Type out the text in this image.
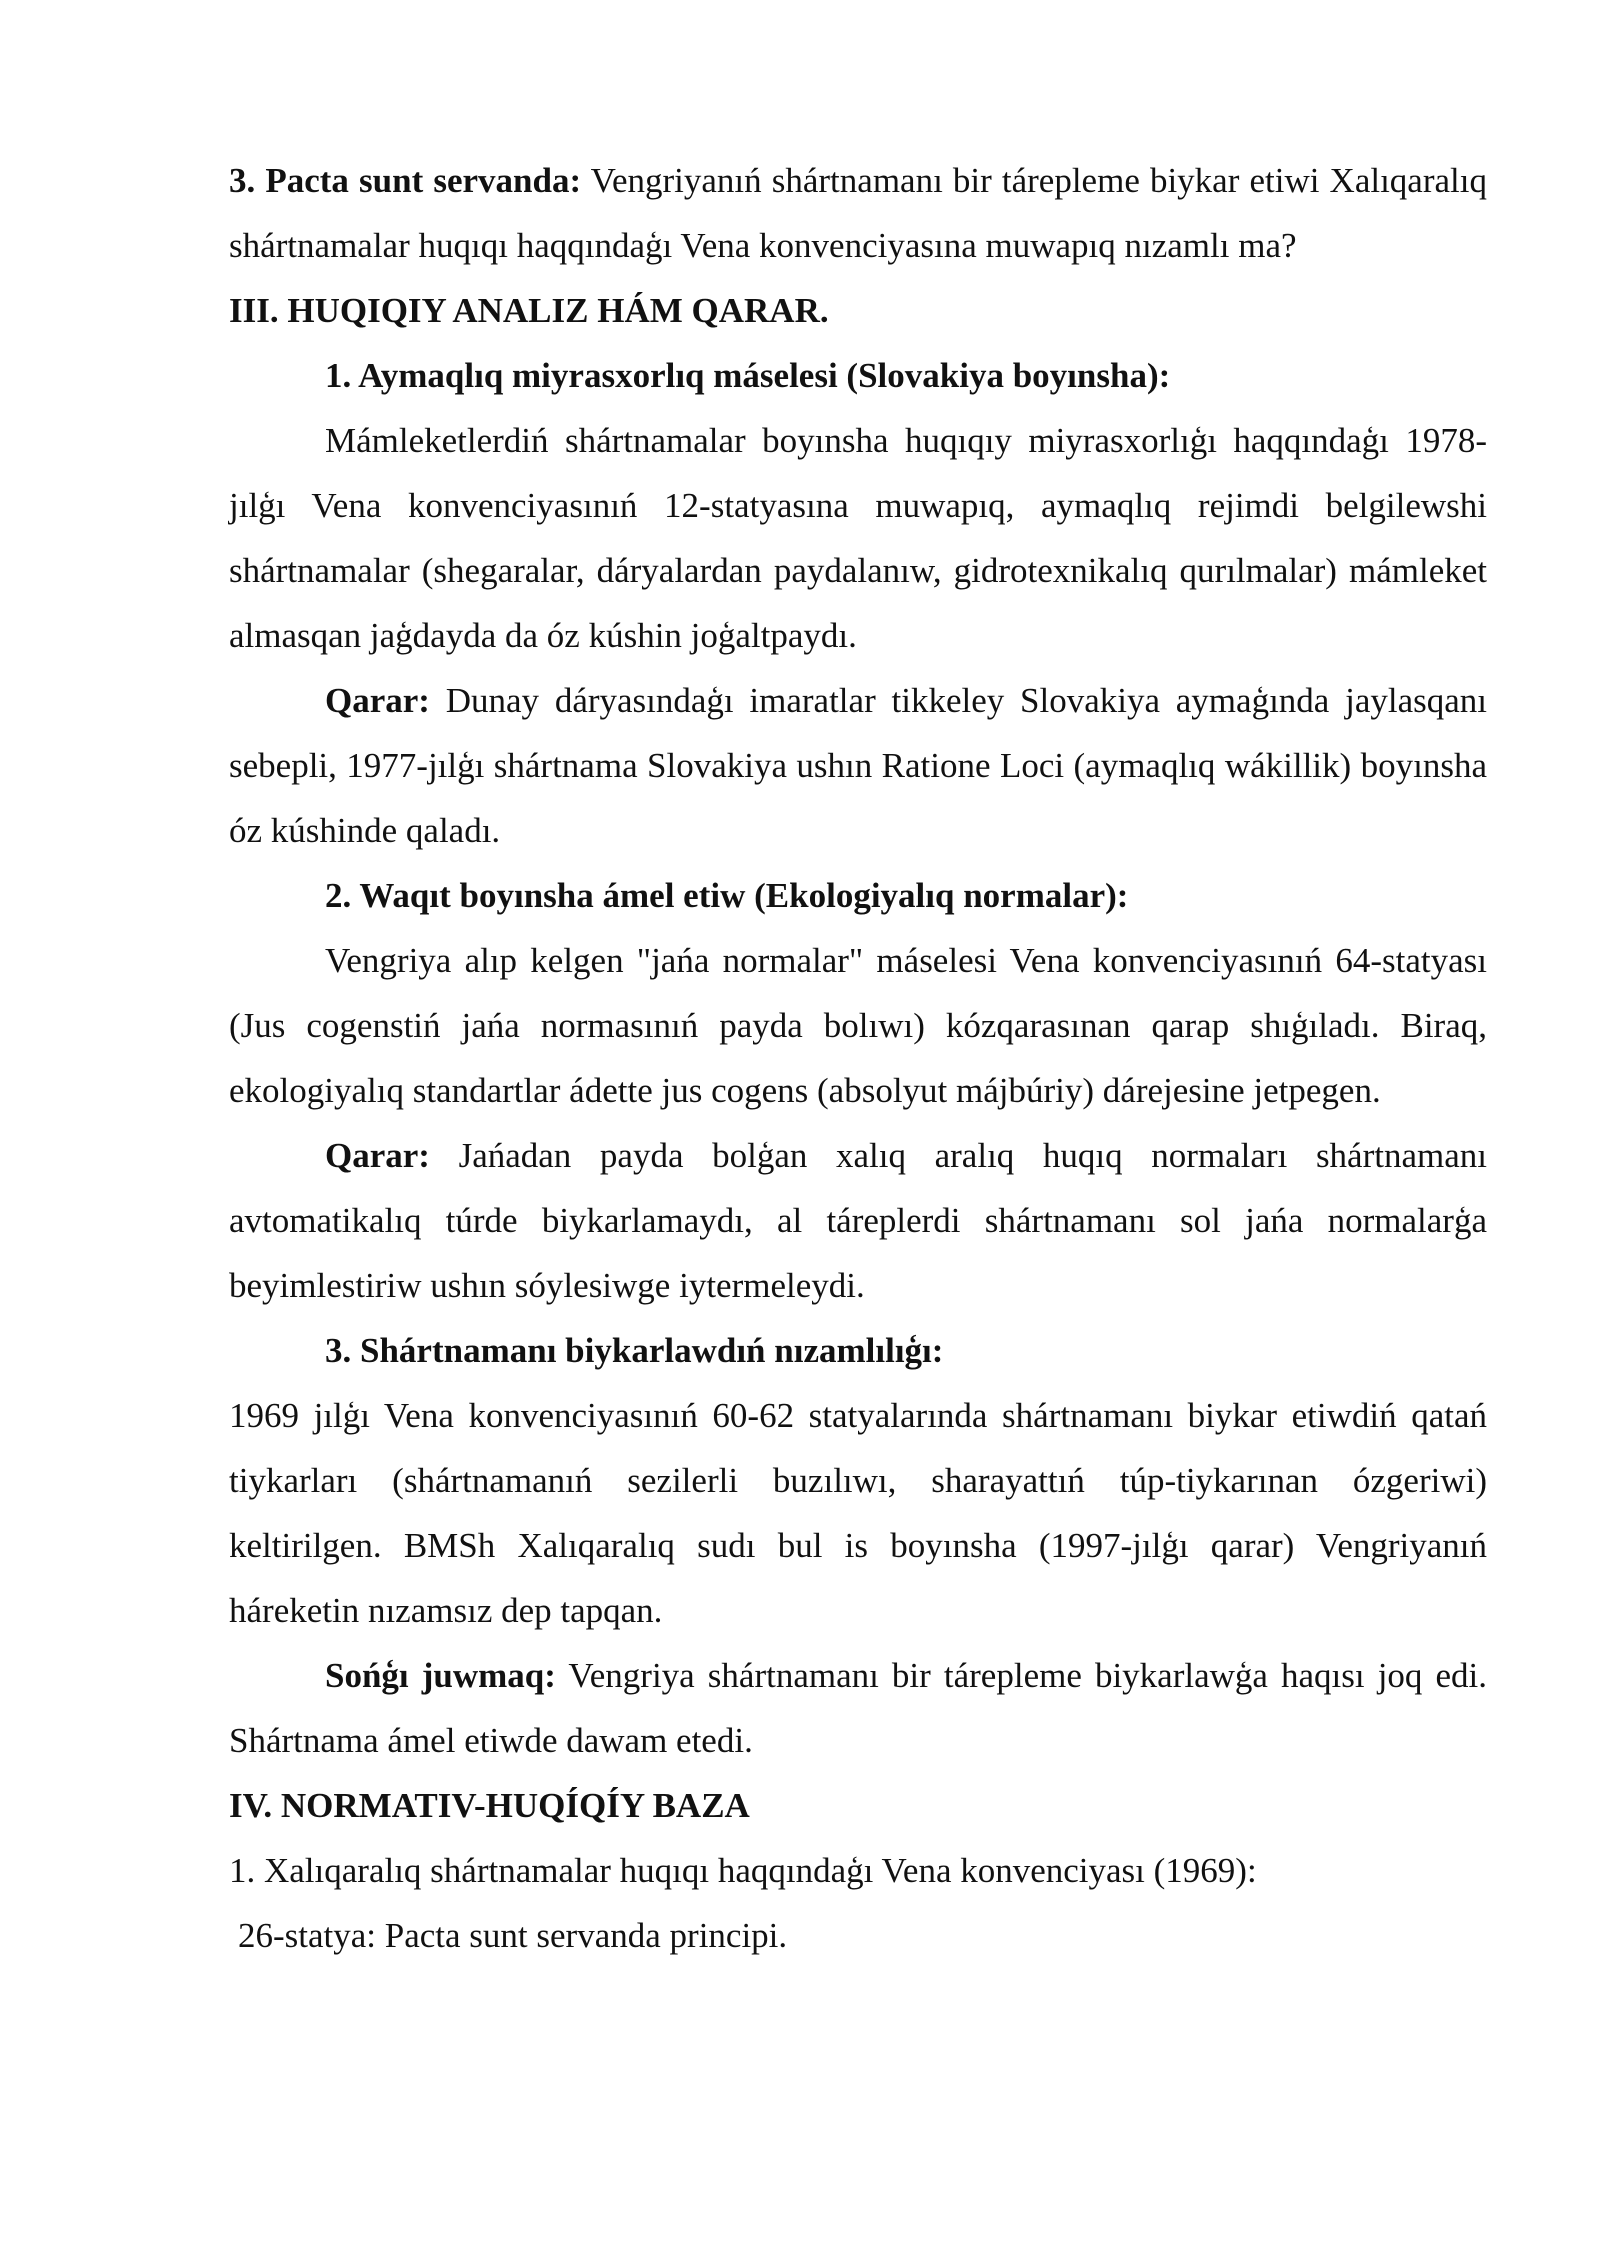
3. Pacta sunt servanda: Vengriyanıń shártnamanı bir tárepleme biykar etiwi Xalıqaralıq shártnamalar huqıqı haqqındaģı Vena konvenciyasına muwapıq nızamlı ma?

III. HUQIQIY ANALIZ HÁM QARAR.

1. Aymaqlıq miyrasxorlıq máselesi (Slovakiya boyınsha):

Mámleketlerdiń shártnamalar boyınsha huqıqıy miyrasxorlıģı haqqındaģı 1978-jılģı Vena konvenciyasınıń 12-statyasına muwapıq, aymaqlıq rejimdi belgilewshi shártnamalar (shegaralar, dáryalardan paydalanıw, gidrotexnikalıq qurılmalar) mámleket almasqan jaģdayda da óz kúshin joģaltpaydı.

Qarar: Dunay dáryasındaģı imaratlar tikkeley Slovakiya aymaģında jaylasqanı sebepli, 1977-jılģı shártnama Slovakiya ushın Ratione Loci (aymaqlıq wákillik) boyınsha óz kúshinde qaladı.

2. Waqıt boyınsha ámel etiw (Ekologiyalıq normalar):

Vengriya alıp kelgen "jańa normalar" máselesi Vena konvenciyasınıń 64-statyası (Jus cogenstiń jańa normasınıń payda bolıwı) kózqarasınan qarap shıģıladı. Biraq, ekologiyalıq standartlar ádette jus cogens (absolyut májbúriy) dárejesine jetpegen.

Qarar: Jańadan payda bolģan xalıq aralıq huqıq normaları shártnamanı avtomatikalıq túrde biykarlamaydı, al táreplerdi shártnamanı sol jańa normalarģa beyimlestiriw ushın sóylesiwge iytermeleydi.

3. Shártnamanı biykarlawdıń nızamlılıģı:

1969 jılģı Vena konvenciyasınıń 60-62 statyalarında shártnamanı biykar etiwdiń qatań tiykarları (shártnamanıń sezilerli buzılıwı, sharayattıń túp-tiykarınan ózgeriwi) keltirilgen. BMSh Xalıqaralıq sudı bul is boyınsha (1997-jılģı qarar) Vengriyanıń háreketin nızamsız dep tapqan.

Sońģı juwmaq: Vengriya shártnamanı bir tárepleme biykarlawģa haqısı joq edi. Shártnama ámel etiwde dawam etedi.

IV. NORMATIV-HUQÍQÍY BAZA

1. Xalıqaralıq shártnamalar huqıqı haqqındaģı Vena konvenciyası (1969):

26-statya: Pacta sunt servanda principi.
